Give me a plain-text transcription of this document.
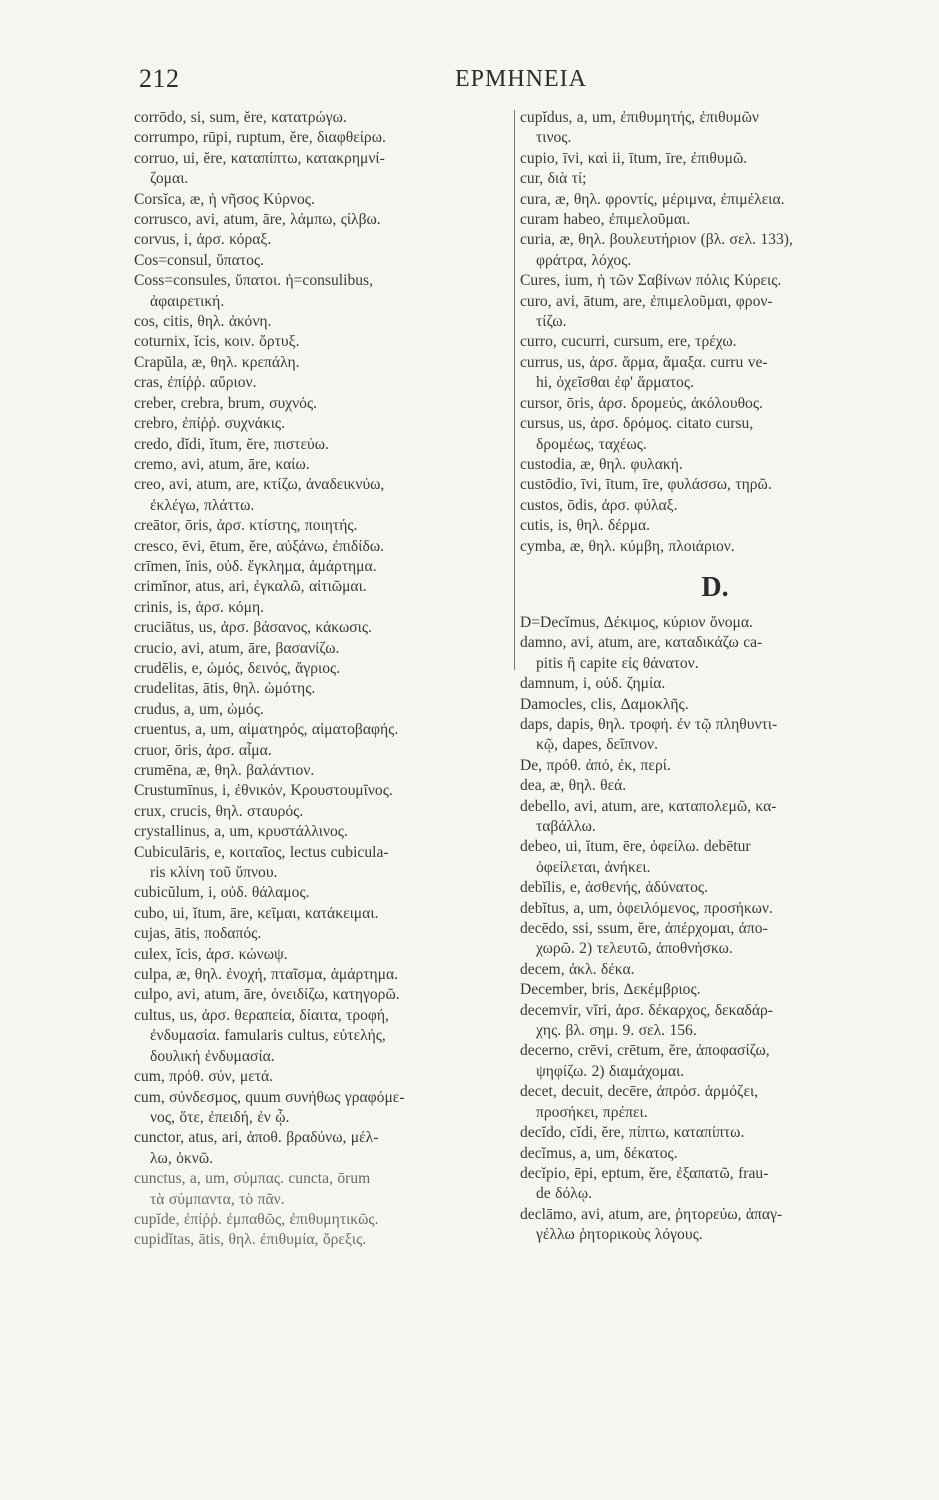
212	ΕΡΜΗΝΕΙΑ

corrōdo, si, sum, ĕre, κατατρώγω.

corrumpo, rūpi, ruptum, ĕre, διαφθείρω.

corruo, ui, ĕre, καταπίπτω, κατακρημνί-

ζομαι.

Corsĭca, æ, ἡ νῆσος Κύρνος.

corrusco, avi, atum, āre, λάμπω, ςίλβω.

corvus, i, ἀρσ. κόραξ.

Cos=consul, ὕπατος.

Coss=consules, ὕπατοι. ἡ=consulibus,

ἀφαιρετική.

cos, citis, θηλ. ἀκόνη.

coturnix, ĭcis, κοιν. ὄρτυξ.

Crapŭla, æ, θηλ. κρεπάλη.

cras, ἐπίῤῥ. αὔριον.

creber, crebra, brum, συχνός.

crebro, ἐπίῤῥ. συχνάκις.

credo, dĭdi, ĭtum, ĕre, πιστεύω.

cremo, avi, atum, āre, καίω.

creo, avi, atum, are, κτίζω, ἀναδεικνύω,

ἐκλέγω, πλάττω.

creātor, ōris, ἀρσ. κτίστης, ποιητής.

cresco, ēvi, ētum, ĕre, αὐξάνω, ἐπιδίδω.

crīmen, ĭnis, οὐδ. ἔγκλημα, ἁμάρτημα.

crimĭnor, atus, ari, ἐγκαλῶ, αἰτιῶμαι.

crinis, is, ἀρσ. κόμη.

cruciātus, us, ἀρσ. βάσανος, κάκωσις.

crucio, avi, atum, āre, βασανίζω.

crudēlis, e, ὠμός, δεινός, ἄγριος.

crudelitas, ātis, θηλ. ὠμότης.

crudus, a, um, ὠμός.

cruentus, a, um, αἱματηρός, αἱματοβαφής.

cruor, ōris, ἀρσ. αἷμα.

crumēna, æ, θηλ. βαλάντιον.

Crustumīnus, i, ἐθνικόν, Κρουστουμῖνος.

crux, crucis, θηλ. σταυρός.

crystallinus, a, um, κρυστάλλινος.

Cubiculāris, e, κοιταῖος, lectus cubicula-

ris κλίνη τοῦ ὕπνου.

cubicŭlum, i, οὐδ. θάλαμος.

cubo, ui, ĭtum, āre, κεῖμαι, κατάκειμαι.

cujas, ātis, ποδαπός.

culex, ĭcis, ἀρσ. κώνωψ.

culpa, æ, θηλ. ἐνοχή, πταῖσμα, ἁμάρτημα.

culpo, avi, atum, āre, ὀνειδίζω, κατηγορῶ.

cultus, us, ἀρσ. θεραπεία, δίαιτα, τροφή,

ἐνδυμασία. famularis cultus, εὐτελής,

δουλική ἐνδυμασία.

cum, πρόθ. σύν, μετά.

cum, σύνδεσμος, quum συνήθως γραφόμε-

νος, ὅτε, ἐπειδή, ἐν ᾧ.

cunctor, atus, ari, ἀποθ. βραδύνω, μέλ-

λω, ὀκνῶ.

cunctus, a, um, σύμπας. cuncta, ōrum

τὰ σύμπαντα, τὸ πᾶν.

cupĭde, ἐπίῤῥ. ἐμπαθῶς, ἐπιθυμητικῶς.

cupidĭtas, ātis, θηλ. ἐπιθυμία, ὄρεξις.

cupĭdus, a, um, ἐπιθυμητής, ἐπιθυμῶν

τινος.

cupio, īvi, καὶ ii, ītum, īre, ἐπιθυμῶ.

cur, διὰ τί;

cura, æ, θηλ. φροντίς, μέριμνα, ἐπιμέλεια.

curam habeo, ἐπιμελοῦμαι.

curia, æ, θηλ. βουλευτήριον (βλ. σελ. 133),

φράτρα, λόχος.

Cures, ium, ἡ τῶν Σαβίνων πόλις Κύρεις.

curo, avi, ātum, are, ἐπιμελοῦμαι, φρον-

τίζω.

curro, cucurri, cursum, ere, τρέχω.

currus, us, ἀρσ. ἅρμα, ἅμαξα. curru ve-

hi, ὀχεῖσθαι ἐφ' ἅρματος.

cursor, ōris, ἀρσ. δρομεύς, ἀκόλουθος.

cursus, us, ἀρσ. δρόμος. citato cursu,

δρομέως, ταχέως.

custodia, æ, θηλ. φυλακή.

custōdio, īvi, ītum, īre, φυλάσσω, τηρῶ.

custos, ōdis, ἀρσ. φύλαξ.

cutis, is, θηλ. δέρμα.

cymba, æ, θηλ. κύμβη, πλοιάριον.

D.

D=Decĭmus, Δέκιμος, κύριον ὄνομα.

damno, avi, atum, are, καταδικάζω ca-

pitis ἢ capite εἰς θάνατον.

damnum, i, οὐδ. ζημία.

Damocles, clis, Δαμοκλῆς.

daps, dapis, θηλ. τροφή. ἐν τῷ πληθυντι-

κῷ, dapes, δεῖπνον.

De, πρόθ. ἀπό, ἐκ, περί.

dea, æ, θηλ. θεά.

debello, avi, atum, are, καταπολεμῶ, κα-

ταβάλλω.

debeo, ui, ĭtum, ēre, ὀφείλω. debētur

ὀφείλεται, ἀνήκει.

debĭlis, e, ἀσθενής, ἀδύνατος.

debĭtus, a, um, ὀφειλόμενος, προσήκων.

decēdo, ssi, ssum, ĕre, ἀπέρχομαι, ἀπο-

χωρῶ. 2) τελευτῶ, ἀποθνήσκω.

decem, ἀκλ. δέκα.

December, bris, Δεκέμβριος.

decemvir, vĭri, ἀρσ. δέκαρχος, δεκαδάρ-

χης. βλ. σημ. 9. σελ. 156.

decerno, crēvi, crētum, ĕre, ἀποφασίζω,

ψηφίζω. 2) διαμάχομαι.

decet, decuit, decēre, ἀπρόσ. ἁρμόζει,

προσήκει, πρέπει.

decĭdo, cĭdi, ĕre, πίπτω, καταπίπτω.

decĭmus, a, um, δέκατος.

decĭpio, ēpi, eptum, ĕre, ἐξαπατῶ, frau-

de δόλῳ.

declāmo, avi, atum, are, ῥητορεύω, ἀπαγ-

γέλλω ῥητορικοὺς λόγους.
